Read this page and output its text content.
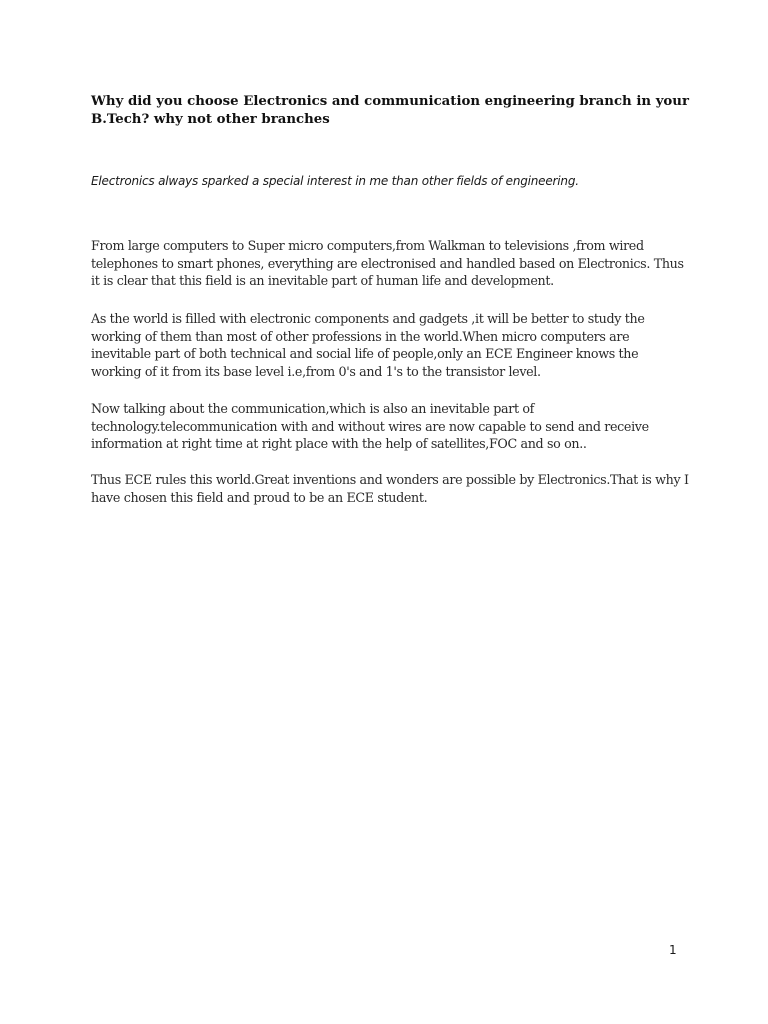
Why did you choose Electronics and communication engineering branch in your B.Tech? why not other branches

Electronics always sparked a special interest in me than other fields of engineering.

From large computers to Super micro computers,from Walkman to televisions ,from wired telephones to smart phones, everything are electronised and handled based on Electronics. Thus it is clear that this field is an inevitable part of human life and development.

As the world is filled with electronic components and gadgets ,it will be better to study the working of them than most of other professions in the world.When micro computers are inevitable part of both technical and social life of people,only an ECE Engineer knows the working of it from its base level i.e,from 0's and 1's to the transistor level.

Now talking about the communication,which is also an inevitable part of technology.telecommunication with and without wires are now capable to send and receive information at right time at right place with the help of satellites,FOC and so on..

Thus ECE rules this world.Great inventions and wonders are possible by Electronics.That is why I have chosen this field and proud to be an ECE student.

1
